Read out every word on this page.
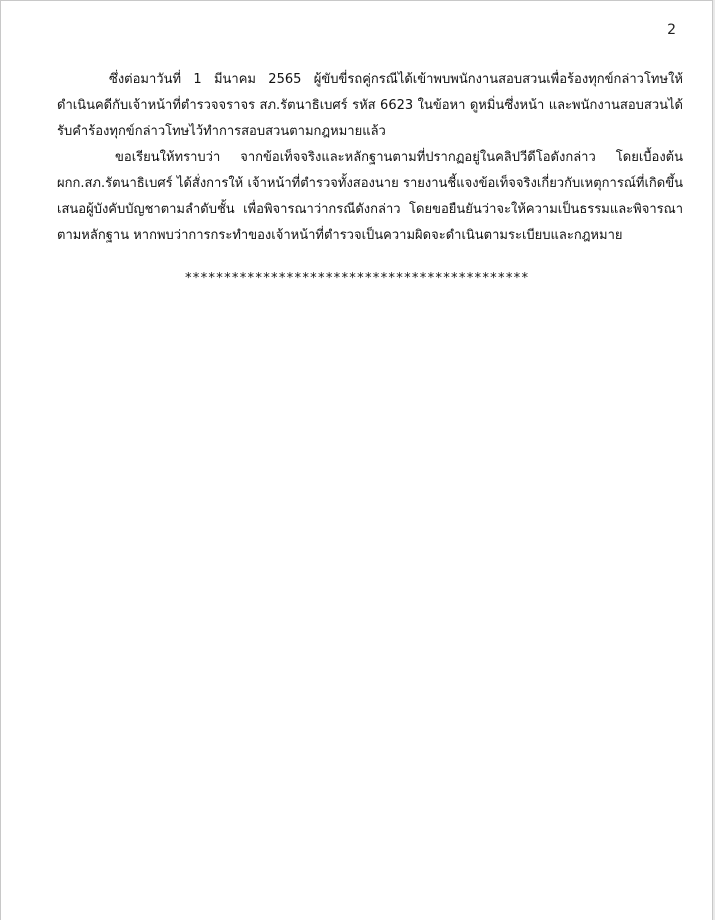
2

ซึ่งต่อมาวันที่ 1 มีนาคม 2565 ผู้ขับขี่รถคู่กรณีได้เข้าพบพนักงานสอบสวนเพื่อร้องทุกข์กล่าวโทษให้ดำเนินคดีกับเจ้าหน้าที่ตำรวจจราจร สภ.รัตนาธิเบศร์ รหัส 6623 ในข้อหา ดูหมิ่นซึ่งหน้า และพนักงานสอบสวนได้รับคำร้องทุกข์กล่าวโทษไว้ทำการสอบสวนตามกฎหมายแล้ว

ขอเรียนให้ทราบว่า จากข้อเท็จจริงและหลักฐานตามที่ปรากฏอยู่ในคลิปวีดีโอดังกล่าว โดยเบื้องต้น ผกก.สภ.รัตนาธิเบศร์ ได้สั่งการให้ เจ้าหน้าที่ตำรวจทั้งสองนาย รายงานชี้แจงข้อเท็จจริงเกี่ยวกับเหตุการณ์ที่เกิดขึ้นเสนอผู้บังคับบัญชาตามลำดับชั้น เพื่อพิจารณาว่ากรณีดังกล่าว โดยขอยืนยันว่าจะให้ความเป็นธรรมและพิจารณาตามหลักฐาน หากพบว่าการกระทำของเจ้าหน้าที่ตำรวจเป็นความผิดจะดำเนินตามระเบียบและกฎหมาย

********************************************
